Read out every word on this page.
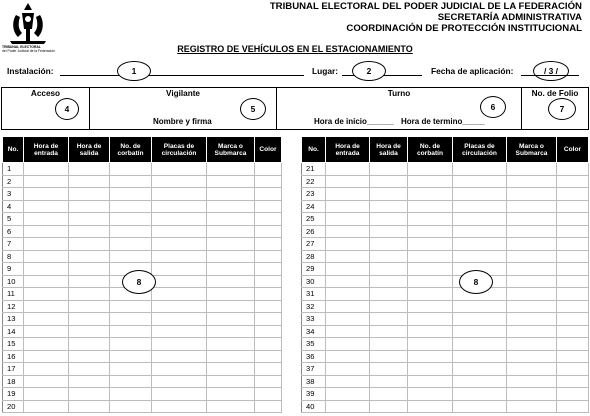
TRIBUNAL ELECTORAL
del Poder Judicial de la Federación
TRIBUNAL ELECTORAL DEL PODER JUDICIAL DE LA FEDERACIÓN
SECRETARÍA ADMINISTRATIVA
COORDINACIÓN DE PROTECCIÓN INSTITUCIONAL
REGISTRO DE VEHÍCULOS EN EL ESTACIONAMIENTO
Instalación:	1	Lugar:	2	Fecha de aplicación:	/ 3 /
Acceso
4
Vigilante
Nombre y firma
5
Turno
Hora de inicio______ Hora de termino_____
6
No. de Folio
7
No.	Hora de entrada	Hora de salida	No. de corbatín	Placas de circulación	Marca o Submarca	Color
1						
2						
3						
4						
5						
6						
7						
8						
9						
10						
11						
12						
13						
14						
15						
16						
17						
18						
19						
20						
8
No.	Hora de entrada	Hora de salida	No. de corbatín	Placas de circulación	Marca o Submarca	Color
21						
22						
23						
24						
25						
26						
27						
28						
29						
30						
31						
32						
33						
34						
35						
36						
37						
38						
39						
40						
8
